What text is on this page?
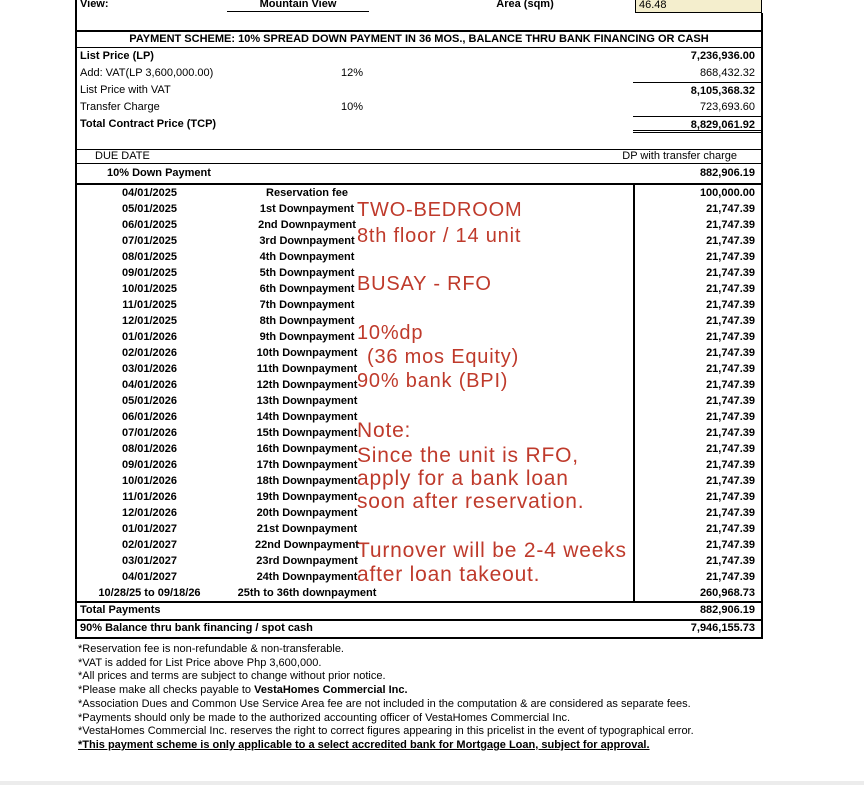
View:	Mountain View	Area (sqm)	46.48
PAYMENT SCHEME: 10% SPREAD DOWN PAYMENT IN 36 MOS., BALANCE THRU BANK FINANCING OR CASH
List Price (LP)	7,236,936.00
Add: VAT(LP 3,600,000.00)	12%	868,432.32
List Price with VAT	8,105,368.32
Transfer Charge	10%	723,693.60
Total Contract Price (TCP)	8,829,061.92
DUE DATE	DP with transfer charge
10% Down Payment	882,906.19
04/01/2025	Reservation fee	100,000.00
05/01/2025	1st Downpayment	21,747.39
06/01/2025	2nd Downpayment	21,747.39
07/01/2025	3rd Downpayment	21,747.39
08/01/2025	4th Downpayment	21,747.39
09/01/2025	5th Downpayment	21,747.39
10/01/2025	6th Downpayment	21,747.39
11/01/2025	7th Downpayment	21,747.39
12/01/2025	8th Downpayment	21,747.39
01/01/2026	9th Downpayment	21,747.39
02/01/2026	10th Downpayment	21,747.39
03/01/2026	11th Downpayment	21,747.39
04/01/2026	12th Downpayment	21,747.39
05/01/2026	13th Downpayment	21,747.39
06/01/2026	14th Downpayment	21,747.39
07/01/2026	15th Downpayment	21,747.39
08/01/2026	16th Downpayment	21,747.39
09/01/2026	17th Downpayment	21,747.39
10/01/2026	18th Downpayment	21,747.39
11/01/2026	19th Downpayment	21,747.39
12/01/2026	20th Downpayment	21,747.39
01/01/2027	21st Downpayment	21,747.39
02/01/2027	22nd Downpayment	21,747.39
03/01/2027	23rd Downpayment	21,747.39
04/01/2027	24th Downpayment	21,747.39
10/28/25 to 09/18/26	25th to 36th downpayment	260,968.73
Total Payments	882,906.19
90% Balance thru bank financing / spot cash	7,946,155.73
*Reservation fee is non-refundable & non-transferable.
*VAT is added for List Price above Php 3,600,000.
*All prices and terms are subject to change without prior notice.
*Please make all checks payable to VestaHomes Commercial Inc.
*Association Dues and Common Use Service Area fee are not included in the computation & are considered as separate fees.
*Payments should only be made to the authorized accounting officer of VestaHomes Commercial Inc.
*VestaHomes Commercial Inc. reserves the right to correct figures appearing in this pricelist in the event of typographical error.
*This payment scheme is only applicable to a select accredited bank for Mortgage Loan, subject for approval.
TWO-BEDROOM
8th floor / 14 unit
BUSAY - RFO
10%dp
(36 mos Equity)
90% bank (BPI)
Note:
Since the unit is RFO,
apply for a bank loan
soon after reservation.
Turnover will be 2-4 weeks
after loan takeout.
